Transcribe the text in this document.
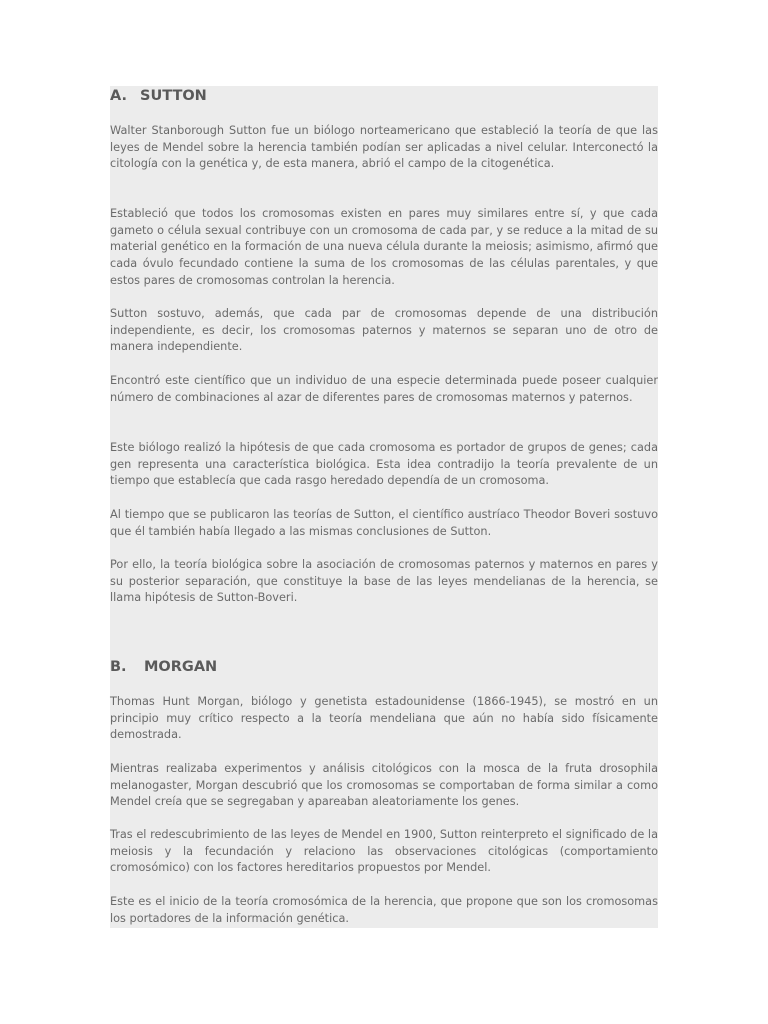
A. SUTTON

Walter Stanborough Sutton fue un biólogo norteamericano que estableció la teoría de que las leyes de Mendel sobre la herencia también podían ser aplicadas a nivel celular. Interconectó la citología con la genética y, de esta manera, abrió el campo de la citogenética.

Estableció que todos los cromosomas existen en pares muy similares entre sí, y que cada gameto o célula sexual contribuye con un cromosoma de cada par, y se reduce a la mitad de su material genético en la formación de una nueva célula durante la meiosis; asimismo, afirmó que cada óvulo fecundado contiene la suma de los cromosomas de las células parentales, y que estos pares de cromosomas controlan la herencia.

Sutton sostuvo, además, que cada par de cromosomas depende de una distribución independiente, es decir, los cromosomas paternos y maternos se separan uno de otro de manera independiente.

Encontró este científico que un individuo de una especie determinada puede poseer cualquier número de combinaciones al azar de diferentes pares de cromosomas maternos y paternos.

Este biólogo realizó la hipótesis de que cada cromosoma es portador de grupos de genes; cada gen representa una característica biológica. Esta idea contradijo la teoría prevalente de un tiempo que establecía que cada rasgo heredado dependía de un cromosoma.

Al tiempo que se publicaron las teorías de Sutton, el científico austríaco Theodor Boveri sostuvo que él también había llegado a las mismas conclusiones de Sutton.

Por ello, la teoría biológica sobre la asociación de cromosomas paternos y maternos en pares y su posterior separación, que constituye la base de las leyes mendelianas de la herencia, se llama hipótesis de Sutton-Boveri.

B. MORGAN

Thomas Hunt Morgan, biólogo y genetista estadounidense (1866-1945), se mostró en un principio muy crítico respecto a la teoría mendeliana que aún no había sido físicamente demostrada.

Mientras realizaba experimentos y análisis citológicos con la mosca de la fruta drosophila melanogaster, Morgan descubrió que los cromosomas se comportaban de forma similar a como Mendel creía que se segregaban y apareaban aleatoriamente los genes.

Tras el redescubrimiento de las leyes de Mendel en 1900, Sutton reinterpreto el significado de la meiosis y la fecundación y relaciono las observaciones citológicas (comportamiento cromosómico) con los factores hereditarios propuestos por Mendel.

Este es el inicio de la teoría cromosómica de la herencia, que propone que son los cromosomas los portadores de la información genética.
